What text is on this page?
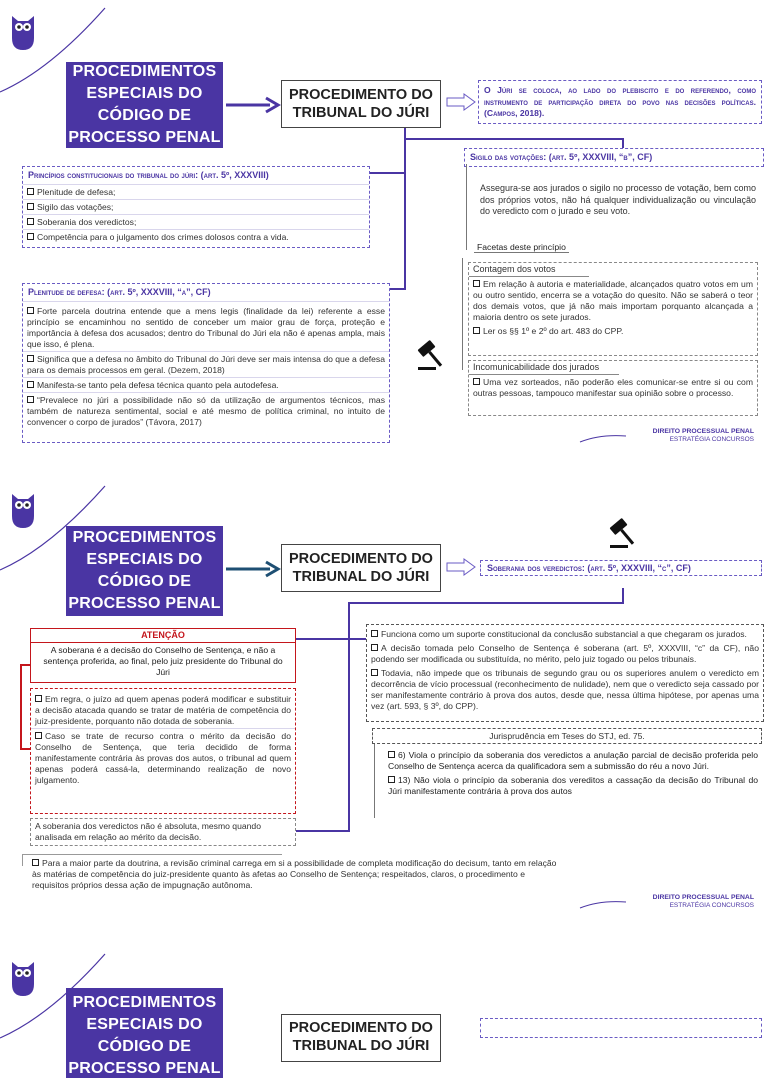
PROCEDIMENTOS
ESPECIAIS DO
CÓDIGO DE
PROCESSO PENAL
PROCEDIMENTO DO
TRIBUNAL DO JÚRI
O Júri se coloca, ao lado do plebiscito e do referendo, como instrumento de participação direta do povo nas decisões políticas. (Campos, 2018).
Princípios constitucionais do tribunal do júri: (art. 5º, XXXVIII)
Plenitude de defesa;
Sigilo das votações;
Soberania dos veredictos;
Competência para o julgamento dos crimes dolosos contra a vida.
Plenitude de defesa: (art. 5º, XXXVIII, “a”, CF)
Forte parcela doutrina entende que a mens legis (finalidade da lei) referente a esse princípio se encaminhou no sentido de conceber um maior grau de força, proteção e importância à defesa dos acusados; dentro do Tribunal do Júri ela não é apenas ampla, mais que isso, é plena.
Significa que a defesa no âmbito do Tribunal do Júri deve ser mais intensa do que a defesa para os demais processos em geral. (Dezem, 2018)
Manifesta-se tanto pela defesa técnica quanto pela autodefesa.
“Prevalece no júri a possibilidade não só da utilização de argumentos técnicos, mas também de natureza sentimental, social e até mesmo de política criminal, no intuito de convencer o corpo de jurados” (Távora, 2017)
Sigilo das votações: (art. 5º, XXXVIII, “b”, CF)
Assegura-se aos jurados o sigilo no processo de votação, bem como dos próprios votos, não há qualquer individualização ou vinculação do veredicto com o jurado e seu voto.
Facetas deste princípio
Contagem dos votos
Em relação à autoria e materialidade, alcançados quatro votos em um ou outro sentido, encerra se a votação do quesito. Não se saberá o teor dos demais votos, que já não mais importam porquanto alcançada a maioria dentro os sete jurados.
Ler os §§ 1º e 2º do art. 483 do CPP.
Incomunicabilidade dos jurados
Uma vez sorteados, não poderão eles comunicar-se entre si ou com outras pessoas, tampouco manifestar sua opinião sobre o processo.
DIREITO PROCESSUAL PENAL
ESTRATÉGIA CONCURSOS
PROCEDIMENTOS
ESPECIAIS DO
CÓDIGO DE
PROCESSO PENAL
PROCEDIMENTO DO
TRIBUNAL DO JÚRI
Soberania dos veredictos: (art. 5º, XXXVIII, “c”, CF)
ATENÇÃO
A soberana é a decisão do Conselho de Sentença, e não a sentença proferida, ao final, pelo juiz presidente do Tribunal do Júri
Em regra, o juízo ad quem apenas poderá modificar e substituir a decisão atacada quando se tratar de matéria de competência do juiz-presidente, porquanto não dotada de soberania.
Caso se trate de recurso contra o mérito da decisão do Conselho de Sentença, que teria decidido de forma manifestamente contrária às provas dos autos, o tribunal ad quem apenas poderá cassá-la, determinando realização de novo julgamento.
A soberania dos veredictos não é absoluta, mesmo quando analisada em relação ao mérito da decisão.
Funciona como um suporte constitucional da conclusão substancial a que chegaram os jurados.
A decisão tomada pelo Conselho de Sentença é soberana (art. 5º, XXXVIII, “c” da CF), não podendo ser modificada ou substituída, no mérito, pelo juiz togado ou pelos tribunais.
Todavia, não impede que os tribunais de segundo grau ou os superiores anulem o veredicto em decorrência de vício processual (reconhecimento de nulidade), nem que o veredicto seja cassado por ser manifestamente contrário à prova dos autos, desde que, nessa última hipótese, por apenas uma vez (art. 593, § 3º, do CPP).
Jurisprudência em Teses do STJ, ed. 75.
6) Viola o princípio da soberania dos veredictos a anulação parcial de decisão proferida pelo Conselho de Sentença acerca da qualificadora sem a submissão do réu a novo Júri.
13) Não viola o princípio da soberania dos vereditos a cassação da decisão do Tribunal do Júri manifestamente contrária à prova dos autos
Para a maior parte da doutrina, a revisão criminal carrega em si a possibilidade de completa modificação do decisum, tanto em relação às matérias de competência do juiz-presidente quanto às afetas ao Conselho de Sentença; respeitados, claros, o procedimento e requisitos próprios dessa ação de impugnação autônoma.
DIREITO PROCESSUAL PENAL
ESTRATÉGIA CONCURSOS
PROCEDIMENTOS
ESPECIAIS DO
CÓDIGO DE
PROCESSO PENAL
PROCEDIMENTO DO
TRIBUNAL DO JÚRI
